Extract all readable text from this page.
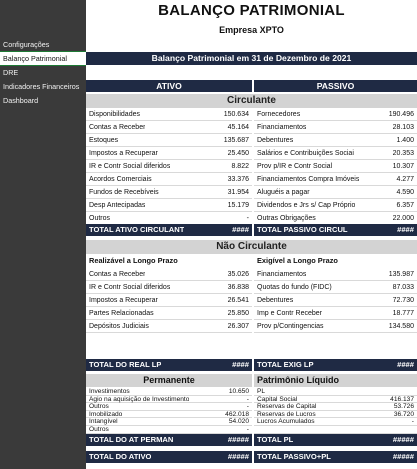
Configurações
Balanço Patrimonial
DRE
Indicadores Financeiros
Dashboard
BALANÇO PATRIMONIAL
Empresa XPTO
Balanço Patrimonial em 31 de Dezembro de 2021
ATIVO	PASSIVO
Circulante
Disponibilidades	150.634
Contas a Receber	45.164
Estoques	135.687
Impostos a Recuperar	25.450
IR e Contr Social diferidos	8.822
Acordos Comerciais	33.376
Fundos de Recebíveis	31.954
Desp Antecipadas	15.179
Outros	-
Fornecedores	190.496
Financiamentos	28.103
Debentures	1.400
Salários e Contribuições Sociai	20.353
Prov p/IR e Contr Social	10.307
Financiamentos Compra Imóveis	4.277
Aluguéis a pagar	4.590
Dividendos e Jrs s/ Cap Próprio	6.357
Outras Obrigações	22.000
TOTAL ATIVO CIRCULANT	#### TOTAL PASSIVO CIRCUL	####
Não Circulante
Realizável a Longo Prazo	Exigível a Longo Prazo
Contas a Receber	35.026
IR e Contr Social diferidos	36.838
Impostos a Recuperar	26.541
Partes Relacionadas	25.850
Depósitos Judiciais	26.307
Financiamentos	135.987
Quotas do fundo (FIDC)	87.033
Debentures	72.730
Imp e Contr Receber	18.777
Prov p/Contingencias	134.580
TOTAL DO REAL LP	#### TOTAL EXIG LP	####
Permanente	Patrimônio Líquido
Investimentos	10.650
Ágio na aquisição de Investimento	-
Outros	-
Imobilizado	462.018
Intangível	54.020
Outros	-
PL
Capital Social	416.137
Reservas de Capital	53.726
Reservas de Lucros	36.720
Lucros Acumulados	-
TOTAL DO AT PERMAN	##### TOTAL PL	#####
TOTAL DO ATIVO	##### TOTAL PASSIVO+PL	#####
